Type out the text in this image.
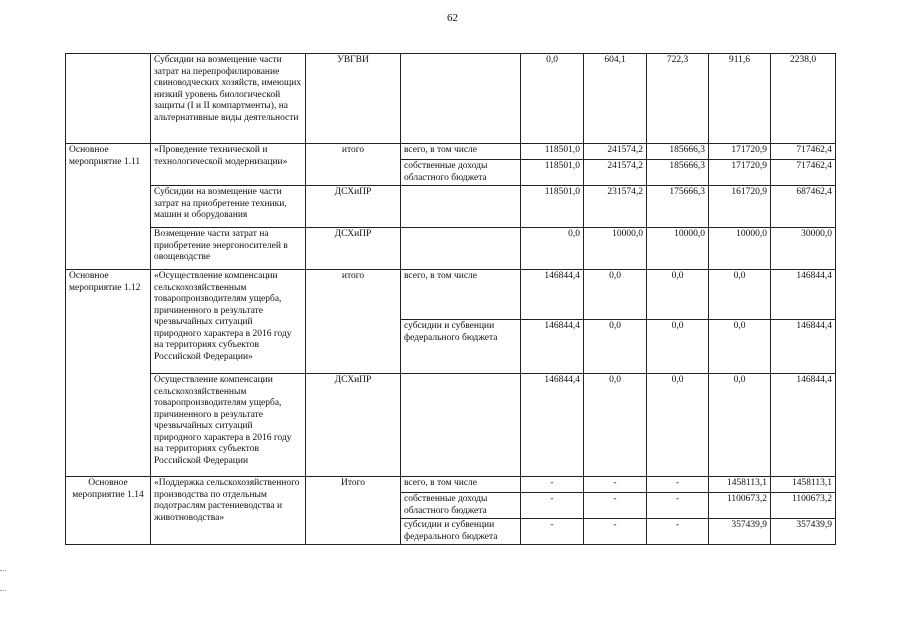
62
	Субсидии на возмещение части затрат на перепрофилирование свиноводческих хозяйств, имеющих низкий уровень биологической защиты (I и II компартменты), на альтернативные виды деятельности	УВГВИ		0,0	604,1	722,3	911,6	2238,0
Основное мероприятие 1.11	«Проведение технической и технологической модернизации»	итого	всего, в том числе	118501,0	241574,2	185666,3	171720,9	717462,4
			собственные доходы областного бюджета	118501,0	241574,2	185666,3	171720,9	717462,4
	Субсидии на возмещение части затрат на приобретение техники, машин и оборудования	ДСХиПР		118501,0	231574,2	175666,3	161720,9	687462,4
	Возмещение части затрат на приобретение энергоносителей в овощеводстве	ДСХиПР		0,0	10000,0	10000,0	10000,0	30000,0
Основное мероприятие 1.12	«Осуществление компенсации сельскохозяйственным товаропроизводителям ущерба, причиненного в результате чрезвычайных ситуаций природного характера в 2016 году на территориях субъектов Российской Федерации»	итого	всего, в том числе	146844,4	0,0	0,0	0,0	146844,4
			субсидии и субвенции федерального бюджета	146844,4	0,0	0,0	0,0	146844,4
	Осуществление компенсации сельскохозяйственным товаропроизводителям ущерба, причиненного в результате чрезвычайных ситуаций природного характера в 2016 году на территориях субъектов Российской Федерации	ДСХиПР		146844,4	0,0	0,0	0,0	146844,4
Основное мероприятие 1.14	«Поддержка сельскохозяйственного производства по отдельным подотраслям растениеводства и животноводства»	Итого	всего, в том числе	-	-	-	1458113,1	1458113,1
			собственные доходы областного бюджета	-	-	-	1100673,2	1100673,2
			субсидии и субвенции федерального бюджета	-	-	-	357439,9	357439,9
